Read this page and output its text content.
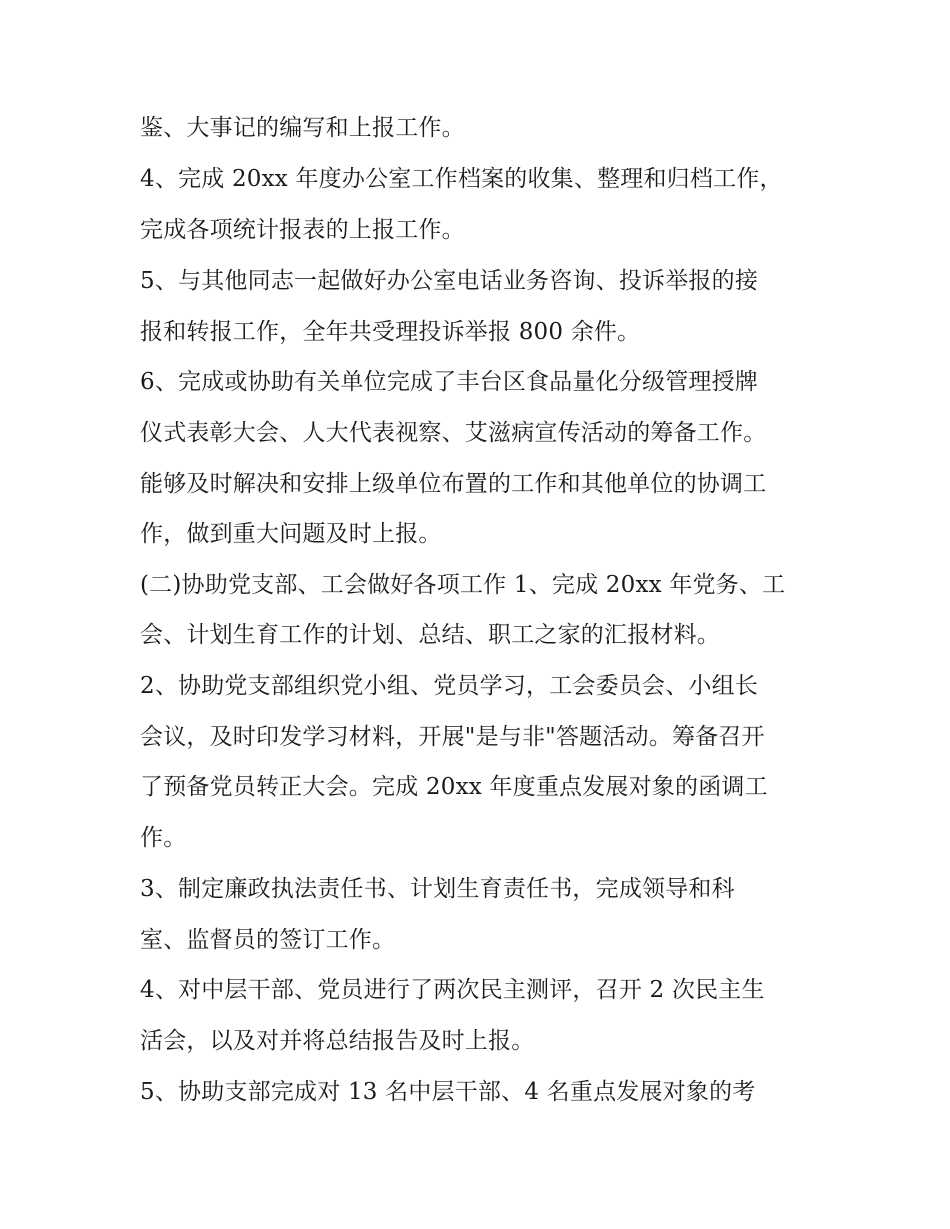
鉴、大事记的编写和上报工作。
4、完成 20xx 年度办公室工作档案的收集、整理和归档工作，
完成各项统计报表的上报工作。
5、与其他同志一起做好办公室电话业务咨询、投诉举报的接
报和转报工作，全年共受理投诉举报 800 余件。
6、完成或协助有关单位完成了丰台区食品量化分级管理授牌
仪式表彰大会、人大代表视察、艾滋病宣传活动的筹备工作。
能够及时解决和安排上级单位布置的工作和其他单位的协调工
作，做到重大问题及时上报。
(二)协助党支部、工会做好各项工作 1、完成 20xx 年党务、工
会、计划生育工作的计划、总结、职工之家的汇报材料。
2、协助党支部组织党小组、党员学习，工会委员会、小组长
会议，及时印发学习材料，开展"是与非"答题活动。筹备召开
了预备党员转正大会。完成 20xx 年度重点发展对象的函调工
作。
3、制定廉政执法责任书、计划生育责任书，完成领导和科
室、监督员的签订工作。
4、对中层干部、党员进行了两次民主测评，召开 2 次民主生
活会，以及对并将总结报告及时上报。
5、协助支部完成对 13 名中层干部、4 名重点发展对象的考
